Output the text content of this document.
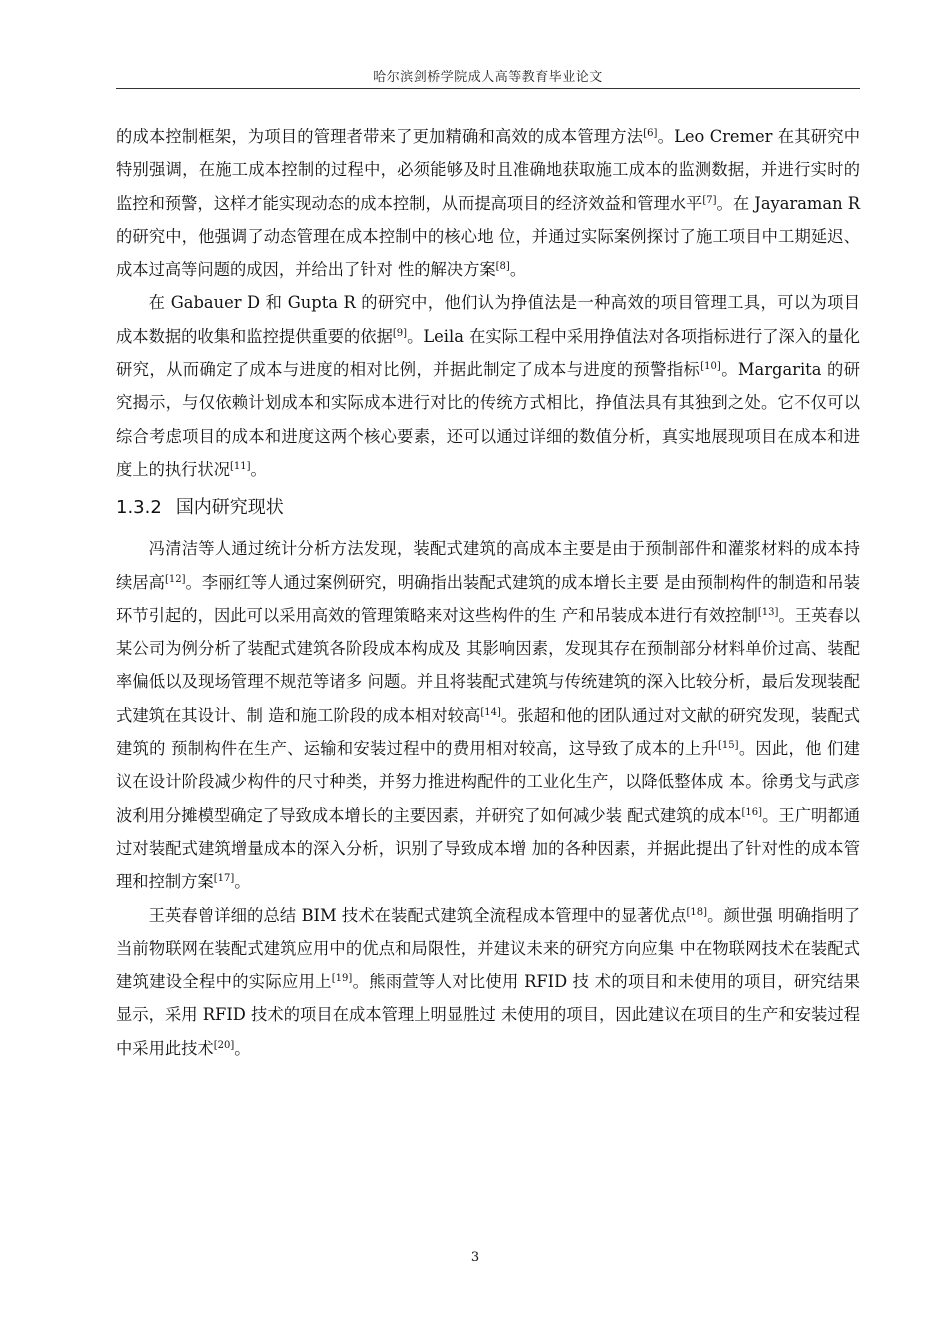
哈尔滨剑桥学院成人高等教育毕业论文

的成本控制框架，为项目的管理者带来了更加精确和高效的成本管理方法[6]。Leo Cremer 在其研究中特别强调，在施工成本控制的过程中，必须能够及时且准确地获取施工成本的监测数据，并进行实时的监控和预警，这样才能实现动态的成本控制，从而提高项目的经济效益和管理水平[7]。在 Jayaraman R 的研究中，他强调了动态管理在成本控制中的核心地 位，并通过实际案例探讨了施工项目中工期延迟、成本过高等问题的成因，并给出了针对 性的解决方案[8]。

在 Gabauer D 和 Gupta R 的研究中，他们认为挣值法是一种高效的项目管理工具，可以为项目成本数据的收集和监控提供重要的依据[9]。Leila 在实际工程中采用挣值法对各项指标进行了深入的量化研究，从而确定了成本与进度的相对比例，并据此制定了成本与进度的预警指标[10]。Margarita 的研究揭示，与仅依赖计划成本和实际成本进行对比的传统方式相比，挣值法具有其独到之处。它不仅可以综合考虑项目的成本和进度这两个核心要素，还可以通过详细的数值分析，真实地展现项目在成本和进度上的执行状况[11]。

1.3.2 国内研究现状

冯清洁等人通过统计分析方法发现，装配式建筑的高成本主要是由于预制部件和灌浆材料的成本持续居高[12]。李丽红等人通过案例研究，明确指出装配式建筑的成本增长主要 是由预制构件的制造和吊装环节引起的，因此可以采用高效的管理策略来对这些构件的生 产和吊装成本进行有效控制[13]。王英春以某公司为例分析了装配式建筑各阶段成本构成及 其影响因素，发现其存在预制部分材料单价过高、装配率偏低以及现场管理不规范等诸多 问题。并且将装配式建筑与传统建筑的深入比较分析，最后发现装配式建筑在其设计、制 造和施工阶段的成本相对较高[14]。张超和他的团队通过对文献的研究发现，装配式建筑的 预制构件在生产、运输和安装过程中的费用相对较高，这导致了成本的上升[15]。因此，他 们建议在设计阶段减少构件的尺寸种类，并努力推进构配件的工业化生产，以降低整体成 本。徐勇戈与武彦波利用分摊模型确定了导致成本增长的主要因素，并研究了如何减少装 配式建筑的成本[16]。王广明都通过对装配式建筑增量成本的深入分析，识别了导致成本增 加的各种因素，并据此提出了针对性的成本管理和控制方案[17]。

王英春曾详细的总结 BIM 技术在装配式建筑全流程成本管理中的显著优点[18]。颜世强 明确指明了当前物联网在装配式建筑应用中的优点和局限性，并建议未来的研究方向应集 中在物联网技术在装配式建筑建设全程中的实际应用上[19]。熊雨萱等人对比使用 RFID 技 术的项目和未使用的项目，研究结果显示，采用 RFID 技术的项目在成本管理上明显胜过 未使用的项目，因此建议在项目的生产和安装过程中采用此技术[20]。

3
